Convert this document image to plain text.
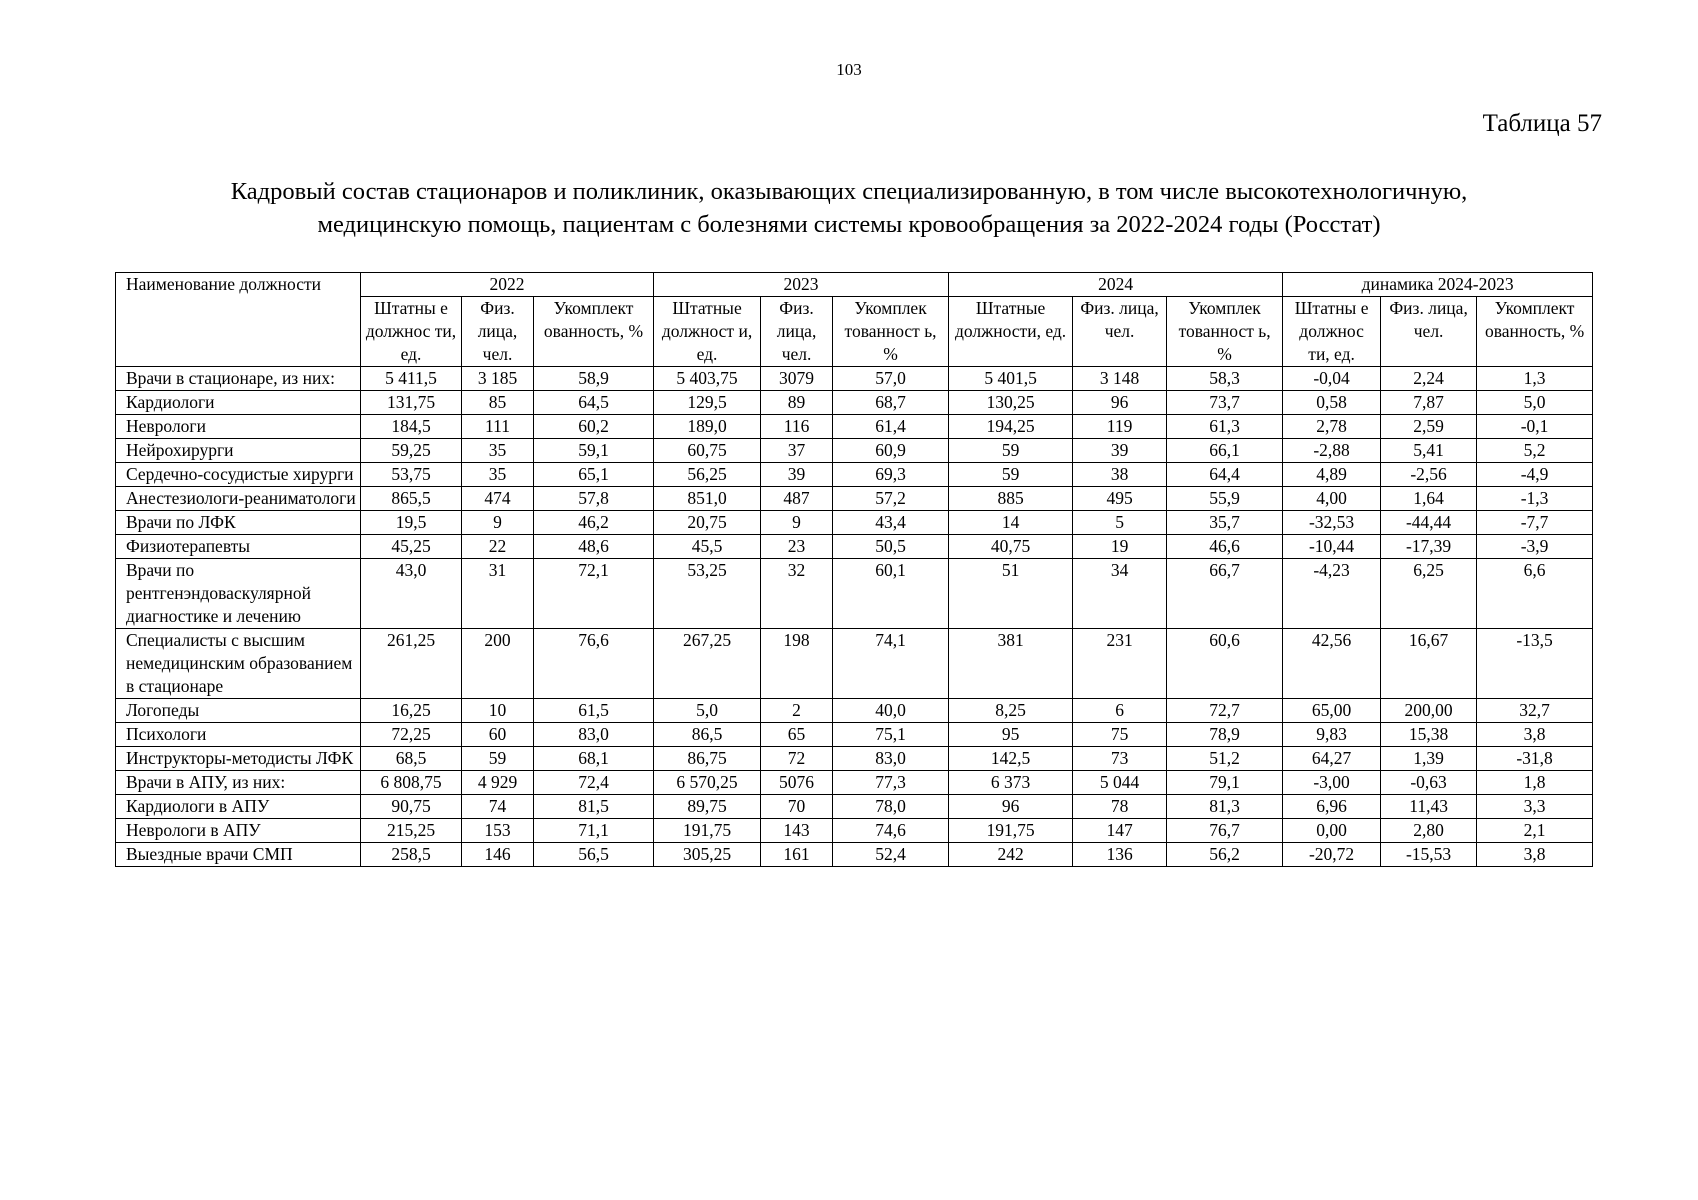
103
Таблица 57
Кадровый состав стационаров и поликлиник, оказывающих специализированную, в том числе высокотехнологичную,
медицинскую помощь, пациентам с болезнями системы кровообращения за 2022-2024 годы (Росстат)
Наименование должности	2022			2023			2024			динамика 2024-2023		
	Штатны е должнос ти, ед.	Физ. лица, чел.	Укомплект ованность, %	Штатные должност и, ед.	Физ. лица, чел.	Укомплек тованност ь, %	Штатные должности, ед.	Физ. лица, чел.	Укомплек тованност ь, %	Штатны е должнос ти, ед.	Физ. лица, чел.	Укомплект ованность, %
Врачи в стационаре, из них:	5 411,5	3 185	58,9	5 403,75	3079	57,0	5 401,5	3 148	58,3	-0,04	2,24	1,3
Кардиологи	131,75	85	64,5	129,5	89	68,7	130,25	96	73,7	0,58	7,87	5,0
Неврологи	184,5	111	60,2	189,0	116	61,4	194,25	119	61,3	2,78	2,59	-0,1
Нейрохирурги	59,25	35	59,1	60,75	37	60,9	59	39	66,1	-2,88	5,41	5,2
Сердечно-сосудистые хирурги	53,75	35	65,1	56,25	39	69,3	59	38	64,4	4,89	-2,56	-4,9
Анестезиологи-реаниматологи	865,5	474	57,8	851,0	487	57,2	885	495	55,9	4,00	1,64	-1,3
Врачи по ЛФК	19,5	9	46,2	20,75	9	43,4	14	5	35,7	-32,53	-44,44	-7,7
Физиотерапевты	45,25	22	48,6	45,5	23	50,5	40,75	19	46,6	-10,44	-17,39	-3,9
Врачи по рентгенэндоваскулярной диагностике и лечению	43,0	31	72,1	53,25	32	60,1	51	34	66,7	-4,23	6,25	6,6
Специалисты с высшим немедицинским образованием в стационаре	261,25	200	76,6	267,25	198	74,1	381	231	60,6	42,56	16,67	-13,5
Логопеды	16,25	10	61,5	5,0	2	40,0	8,25	6	72,7	65,00	200,00	32,7
Психологи	72,25	60	83,0	86,5	65	75,1	95	75	78,9	9,83	15,38	3,8
Инструкторы-методисты ЛФК	68,5	59	68,1	86,75	72	83,0	142,5	73	51,2	64,27	1,39	-31,8
Врачи в АПУ, из них:	6 808,75	4 929	72,4	6 570,25	5076	77,3	6 373	5 044	79,1	-3,00	-0,63	1,8
Кардиологи в АПУ	90,75	74	81,5	89,75	70	78,0	96	78	81,3	6,96	11,43	3,3
Неврологи в АПУ	215,25	153	71,1	191,75	143	74,6	191,75	147	76,7	0,00	2,80	2,1
Выездные врачи СМП	258,5	146	56,5	305,25	161	52,4	242	136	56,2	-20,72	-15,53	3,8
